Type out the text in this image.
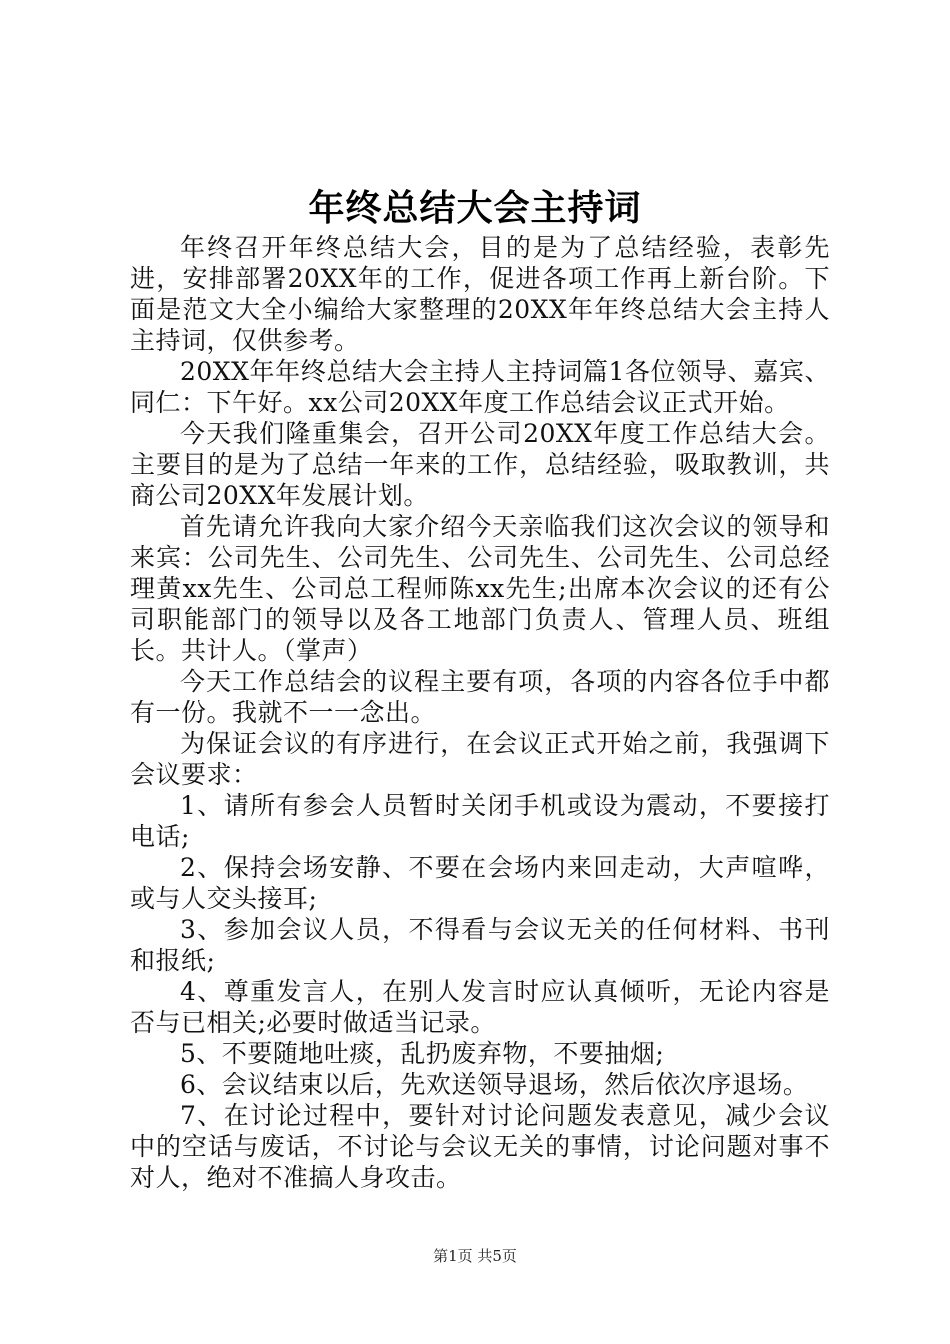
年终总结大会主持词

年终召开年终总结大会，目的是为了总结经验，表彰先进，安排部署20XX年的工作，促进各项工作再上新台阶。下面是范文大全小编给大家整理的20XX年年终总结大会主持人主持词，仅供参考。

20XX年年终总结大会主持人主持词篇1各位领导、嘉宾、同仁：下午好。xx公司20XX年度工作总结会议正式开始。

今天我们隆重集会，召开公司20XX年度工作总结大会。主要目的是为了总结一年来的工作，总结经验，吸取教训，共商公司20XX年发展计划。

首先请允许我向大家介绍今天亲临我们这次会议的领导和来宾：公司先生、公司先生、公司先生、公司先生、公司总经理黄xx先生、公司总工程师陈xx先生;出席本次会议的还有公司职能部门的领导以及各工地部门负责人、管理人员、班组长。共计人。（掌声）

今天工作总结会的议程主要有项，各项的内容各位手中都有一份。我就不一一念出。

为保证会议的有序进行，在会议正式开始之前，我强调下会议要求：

1、请所有参会人员暂时关闭手机或设为震动，不要接打电话;

2、保持会场安静、不要在会场内来回走动，大声喧哗，或与人交头接耳;

3、参加会议人员，不得看与会议无关的任何材料、书刊和报纸;

4、尊重发言人，在别人发言时应认真倾听，无论内容是否与已相关;必要时做适当记录。

5、不要随地吐痰，乱扔废弃物，不要抽烟;

6、会议结束以后，先欢送领导退场，然后依次序退场。

7、在讨论过程中，要针对讨论问题发表意见，减少会议中的空话与废话，不讨论与会议无关的事情，讨论问题对事不对人，绝对不准搞人身攻击。

第1页 共5页
